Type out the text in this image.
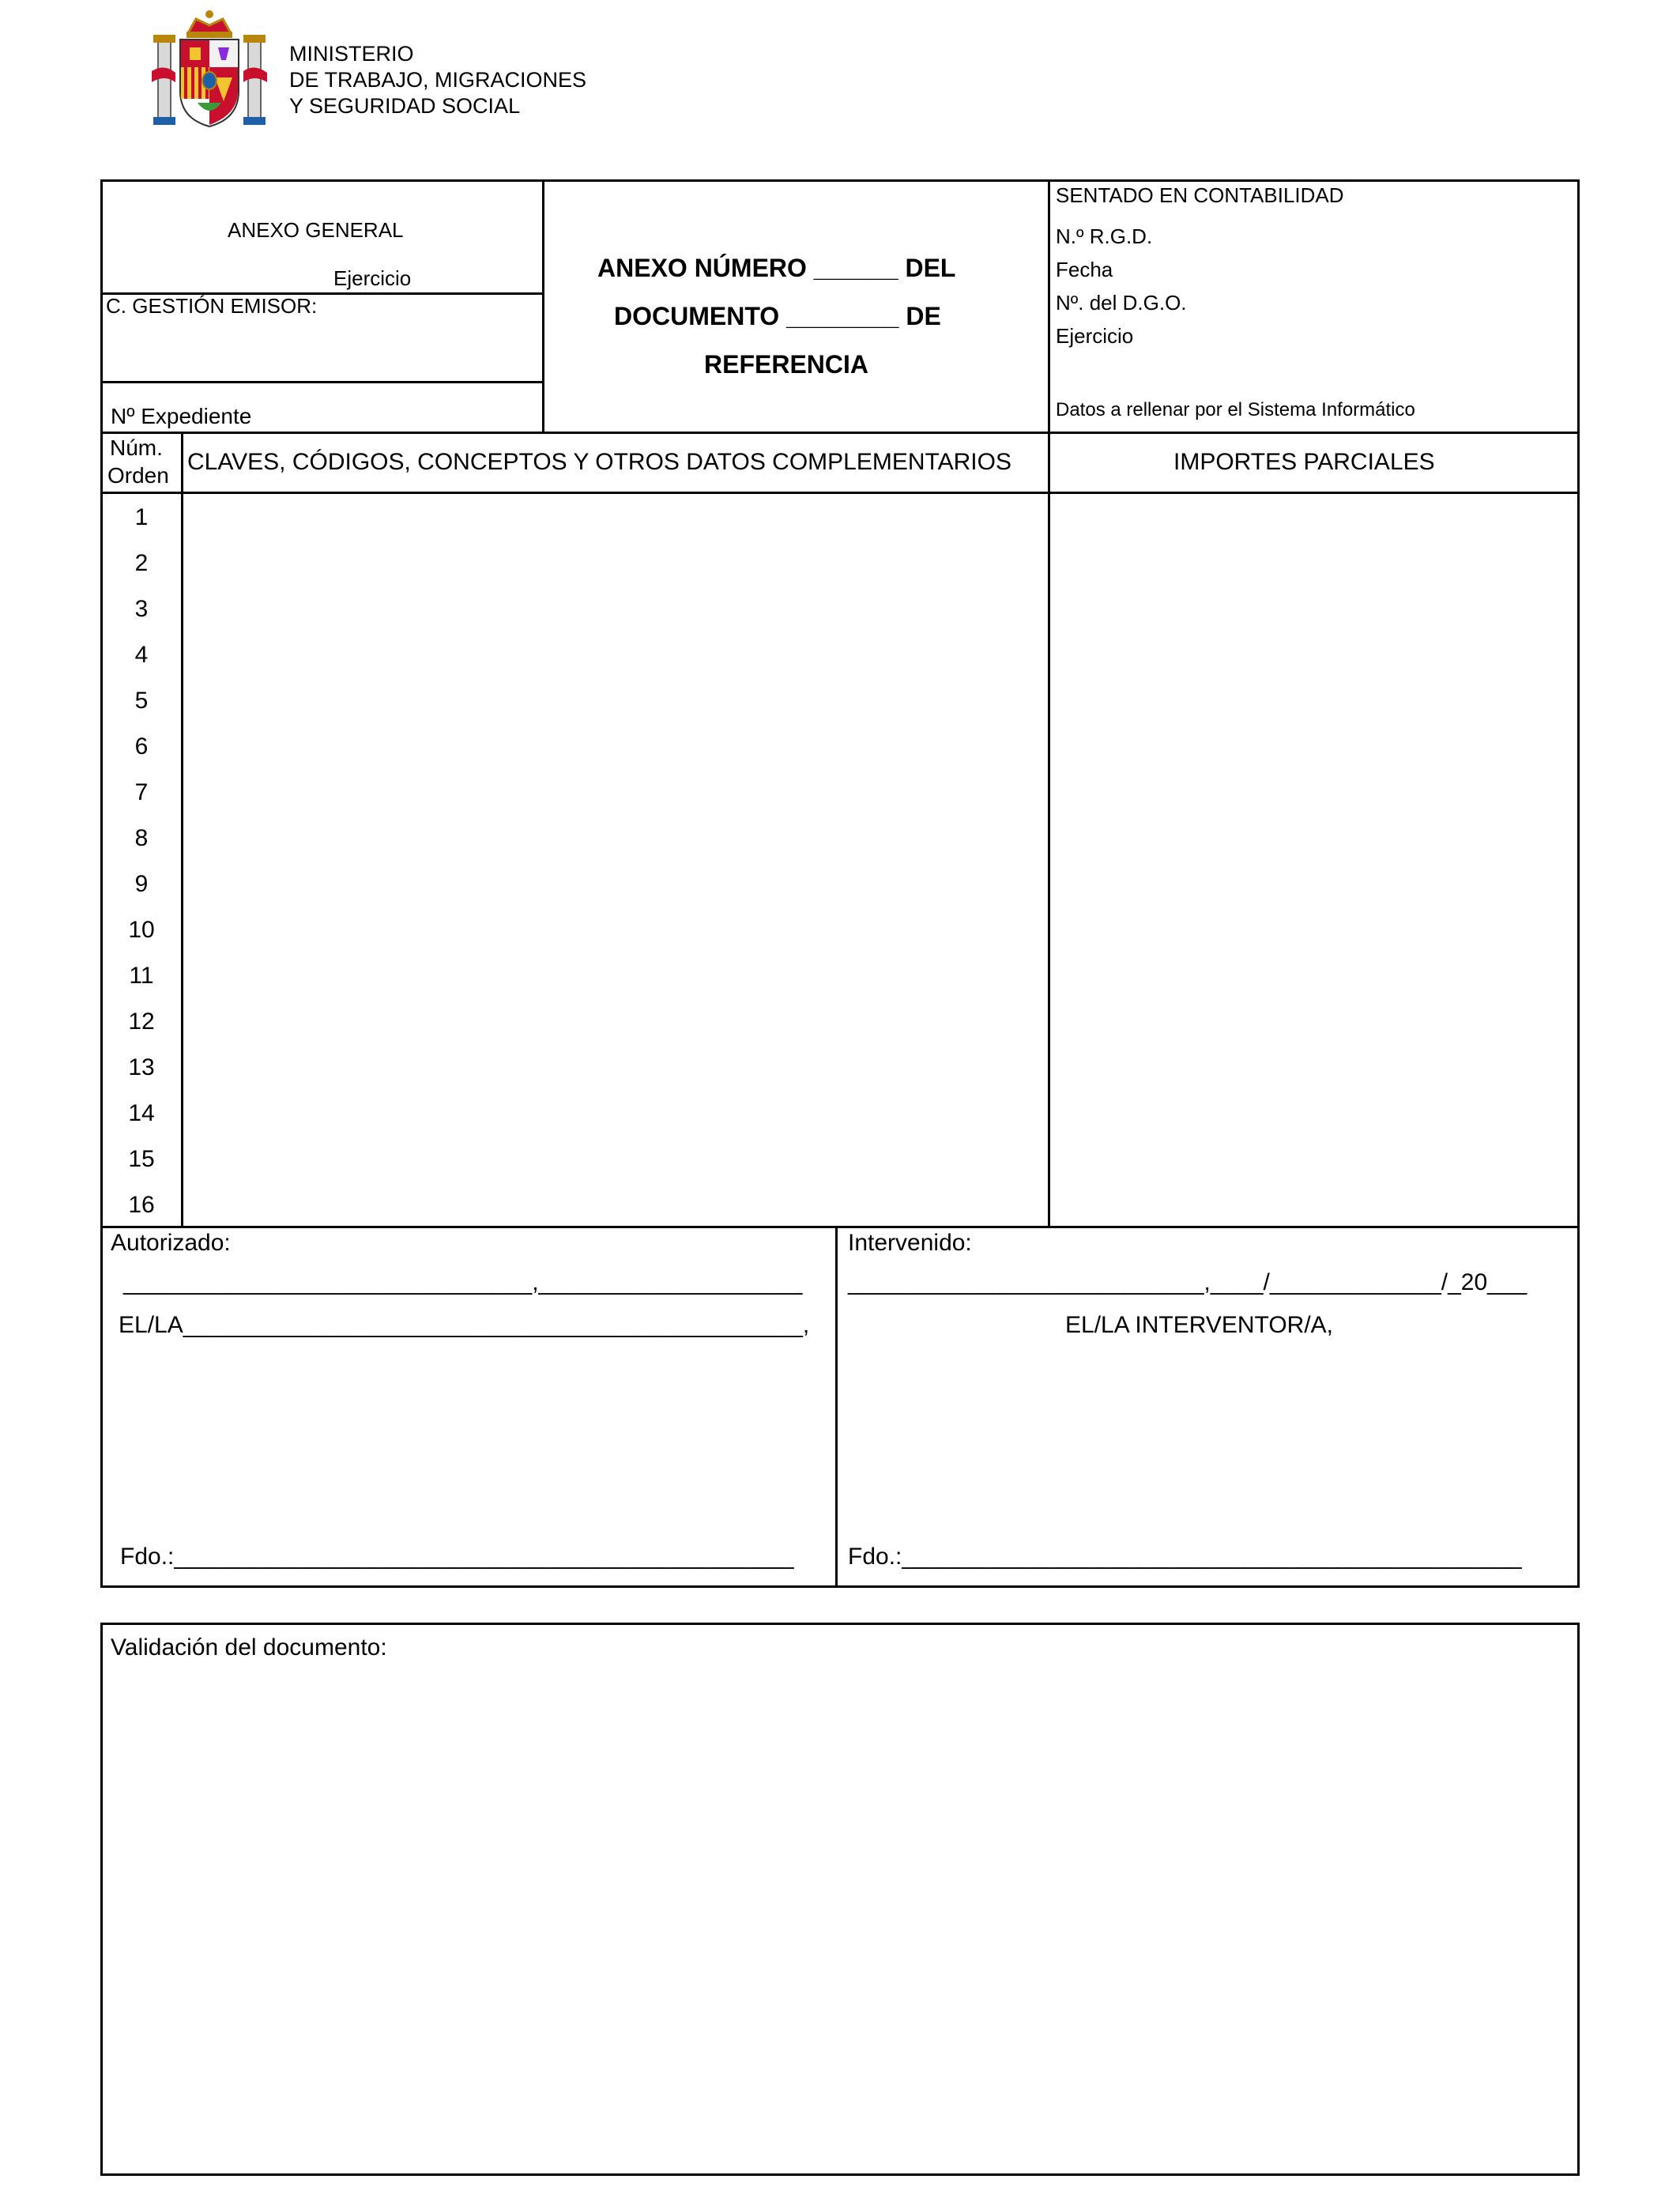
MINISTERIO
DE TRABAJO, MIGRACIONES
Y SEGURIDAD SOCIAL
ANEXO GENERAL
Ejercicio
C. GESTIÓN EMISOR:
Nº Expediente
ANEXO NÚMERO ______ DEL
DOCUMENTO ________ DE
REFERENCIA
SENTADO EN CONTABILIDAD
N.º R.G.D.
Fecha
Nº. del D.G.O.
Ejercicio
Datos a rellenar por el Sistema Informático
Núm.
Orden
CLAVES, CÓDIGOS, CONCEPTOS Y OTROS DATOS COMPLEMENTARIOS	IMPORTES PARCIALES
1
2
3
4
5
6
7
8
9
10
11
12
13
14
15
16
Autorizado:
_______________________________,____________________
EL/LA_______________________________________________,
Fdo.:_______________________________________________
Intervenido:
___________________________,____/_____________/_20___
EL/LA INTERVENTOR/A,
Fdo.:_______________________________________________
Validación del documento:
